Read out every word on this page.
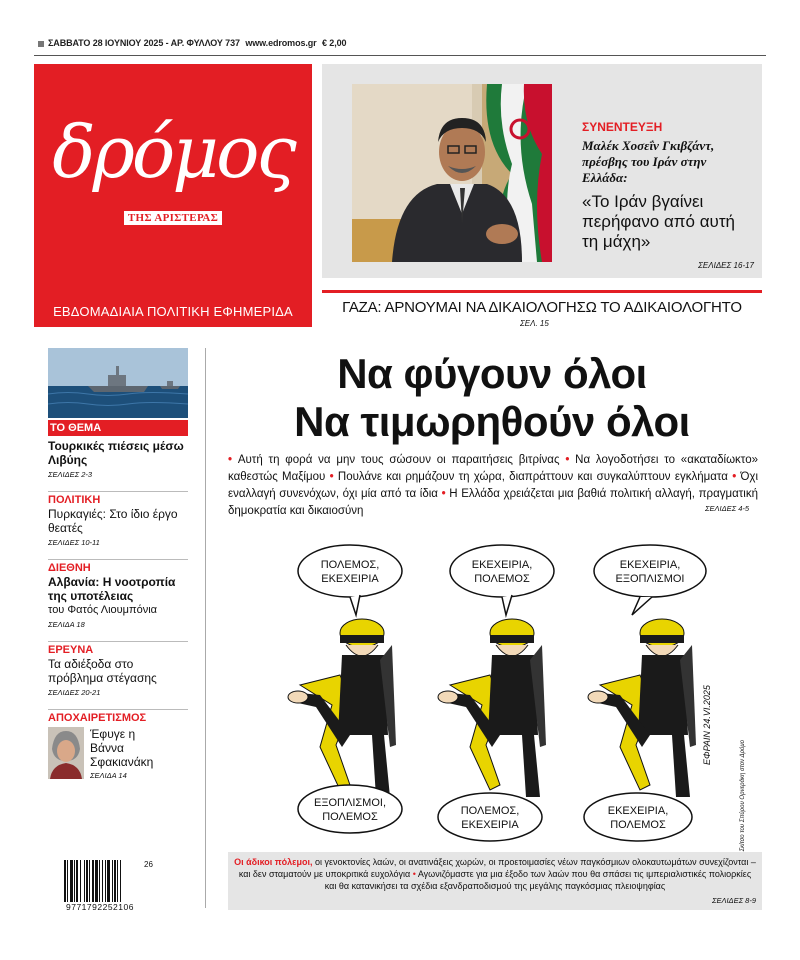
ΣΑΒΒΑΤΟ 28 ΙΟΥΝΙΟΥ 2025 - ΑΡ. ΦΥΛΛΟΥ 737 www.edromos.gr € 2,00
δρόμος
ΤΗΣ ΑΡΙΣΤΕΡΑΣ
ΕΒΔΟΜΑΔΙΑΙΑ ΠΟΛΙΤΙΚΗ ΕΦΗΜΕΡΙΔΑ
ΣΥΝΕΝΤΕΥΞΗ
Μαλέκ Χοσεΐν Γκιβζάντ, πρέσβης του Ιράν στην Ελλάδα:
«Το Ιράν βγαίνει περήφανο από αυτή τη μάχη»
ΣΕΛΙΔΕΣ 16-17
ΓΑΖΑ: ΑΡΝΟΥΜΑΙ ΝΑ ΔΙΚΑΙΟΛΟΓΗΣΩ ΤΟ ΑΔΙΚΑΙΟΛΟΓΗΤΟ
ΣΕΛ. 15
ΤΟ ΘΕΜΑ
Τουρκικές πιέσεις μέσω Λιβύης
ΣΕΛΙΔΕΣ 2-3
ΠΟΛΙΤΙΚΗ
Πυρκαγιές: Στο ίδιο έργο θεατές
ΣΕΛΙΔΕΣ 10-11
ΔΙΕΘΝΗ
Αλβανία: Η νοοτροπία της υποτέλειας
του Φατός Λιουμπόνια
ΣΕΛΙΔΑ 18
ΕΡΕΥΝΑ
Τα αδιέξοδα στο πρόβλημα στέγασης
ΣΕΛΙΔΕΣ 20-21
ΑΠΟΧΑΙΡΕΤΙΣΜΟΣ
Έφυγε η Βάννα Σφακιανάκη
ΣΕΛΙΔΑ 14
Να φύγουν όλοι
Να τιμωρηθούν όλοι
• Αυτή τη φορά να μην τους σώσουν οι παραιτήσεις βιτρίνας • Να λογοδοτήσει το «ακαταδίωκτο» καθεστώς Μαξίμου • Πουλάνε και ρημάζουν τη χώρα, διαπράττουν και συγκαλύπτουν εγκλήματα • Όχι εναλλαγή συνενόχων, όχι μία από τα ίδια • Η Ελλάδα χρειάζεται μια βαθιά πολιτική αλλαγή, πραγματική δημοκρατία και δικαιοσύνη	ΣΕΛΙΔΕΣ 4-5
ΠΟΛΕΜΟΣ,
ΕΚΕΧΕΙΡΙΑ
ΕΚΕΧΕΙΡΙΑ,
ΠΟΛΕΜΟΣ
ΕΚΕΧΕΙΡΙΑ,
ΕΞΟΠΛΙΣΜΟΙ
ΕΞΟΠΛΙΣΜΟΙ,
ΠΟΛΕΜΟΣ	ΠΟΛΕΜΟΣ,
ΕΚΕΧΕΙΡΙΑ
ΕΚΕΧΕΙΡΙΑ,
ΠΟΛΕΜΟΣ
ΕΦΡΑΙΝ 24.VI.2025
Σκίτσο του Σπύρου Ορνεράκη στον Δρόμο
Οι άδικοι πόλεμοι, οι γενοκτονίες λαών, οι ανατινάξεις χωρών, οι προετοιμασίες νέων παγκόσμιων ολοκαυτωμάτων συνεχίζονται – και δεν σταματούν με υποκριτικά ευχολόγια • Αγωνιζόμαστε για μια έξοδο των λαών που θα σπάσει τις ιμπεριαλιστικές πολιορκίες και θα κατανικήσει τα σχέδια εξανδραποδισμού της μεγάλης παγκόσμιας πλειοψηφίας
ΣΕΛΙΔΕΣ 8-9
9771792252106
26
